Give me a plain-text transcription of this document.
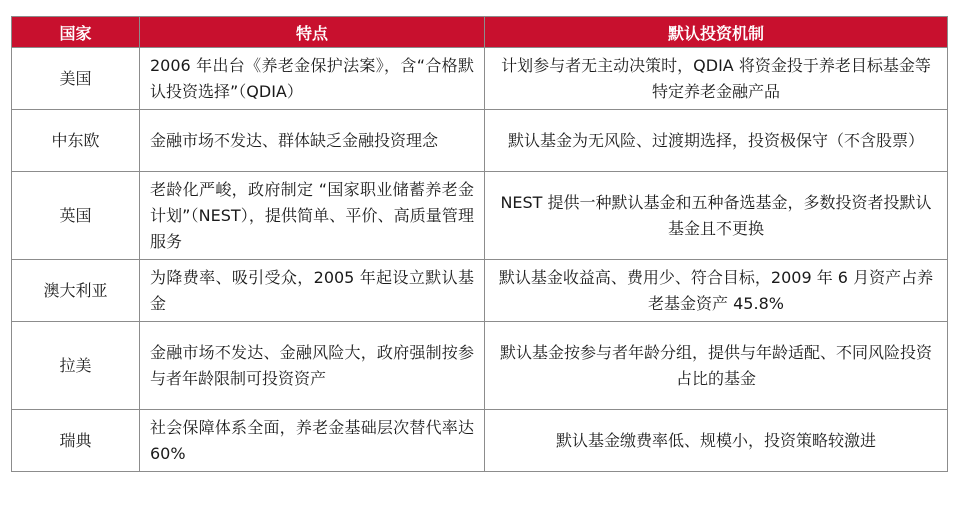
国家	特点	默认投资机制
美国	2006 年出台《养老金保护法案》，含“合格默认投资选择”（QDIA）	计划参与者无主动决策时，QDIA 将资金投于养老目标基金等特定养老金融产品
中东欧	金融市场不发达、群体缺乏金融投资理念	默认基金为无风险、过渡期选择，投资极保守（不含股票）
英国	老龄化严峻，政府制定 “国家职业储蓄养老金计划”（NEST），提供简单、平价、高质量管理服务	NEST 提供一种默认基金和五种备选基金，多数投资者投默认基金且不更换
澳大利亚	为降费率、吸引受众，2005 年起设立默认基金	默认基金收益高、费用少、符合目标，2009 年 6 月资产占养老基金资产 45.8%
拉美	金融市场不发达、金融风险大，政府强制按参与者年龄限制可投资资产	默认基金按参与者年龄分组，提供与年龄适配、不同风险投资占比的基金
瑞典	社会保障体系全面，养老金基础层次替代率达 60%	默认基金缴费率低、规模小，投资策略较激进
